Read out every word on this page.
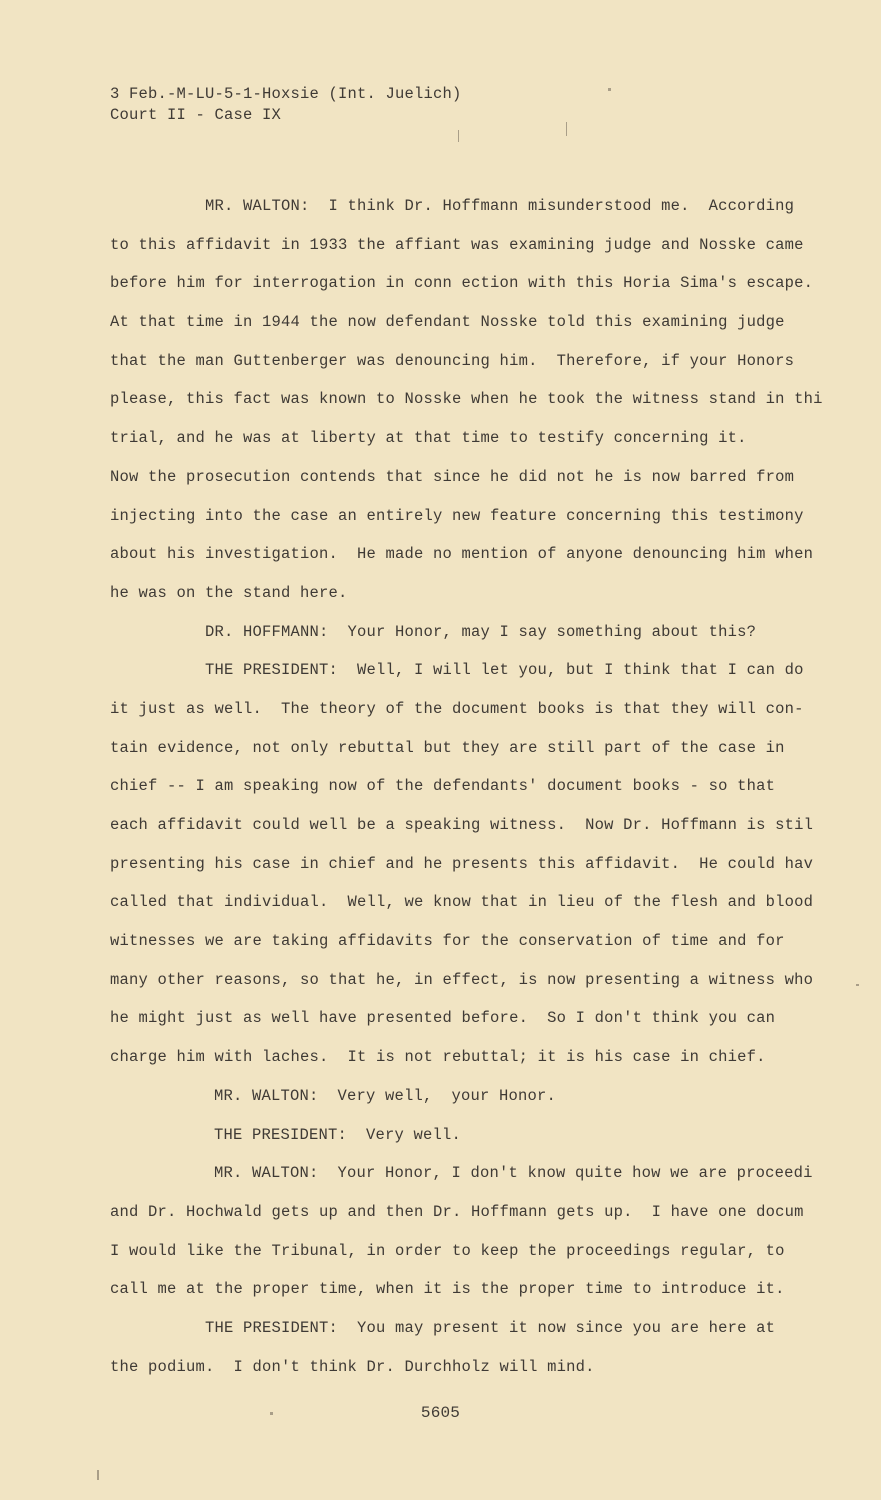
3 Feb.-M-LU-5-1-Hoxsie (Int. Juelich)
Court II - Case IX
MR. WALTON:  I think Dr. Hoffmann misunderstood me.  According
to this affidavit in 1933 the affiant was examining judge and Nosske came
before him for interrogation in conn ection with this Horia Sima's escape.
At that time in 1944 the now defendant Nosske told this examining judge
that the man Guttenberger was denouncing him.  Therefore, if your Honors
please, this fact was known to Nosske when he took the witness stand in thi
trial, and he was at liberty at that time to testify concerning it.
Now the prosecution contends that since he did not he is now barred from
injecting into the case an entirely new feature concerning this testimony
about his investigation.  He made no mention of anyone denouncing him when
he was on the stand here.
DR. HOFFMANN:  Your Honor, may I say something about this?
THE PRESIDENT:  Well, I will let you, but I think that I can do
it just as well.  The theory of the document books is that they will con-
tain evidence, not only rebuttal but they are still part of the case in
chief -- I am speaking now of the defendants' document books - so that
each affidavit could well be a speaking witness.  Now Dr. Hoffmann is stil
presenting his case in chief and he presents this affidavit.  He could hav
called that individual.  Well, we know that in lieu of the flesh and blood
witnesses we are taking affidavits for the conservation of time and for
many other reasons, so that he, in effect, is now presenting a witness who
he might just as well have presented before.  So I don't think you can
charge him with laches.  It is not rebuttal; it is his case in chief.
MR. WALTON:  Very well,  your Honor.
THE PRESIDENT:  Very well.
MR. WALTON:  Your Honor, I don't know quite how we are proceedi
and Dr. Hochwald gets up and then Dr. Hoffmann gets up.  I have one docum
I would like the Tribunal, in order to keep the proceedings regular, to
call me at the proper time, when it is the proper time to introduce it.
THE PRESIDENT:  You may present it now since you are here at
the podium.  I don't think Dr. Durchholz will mind.
5605
